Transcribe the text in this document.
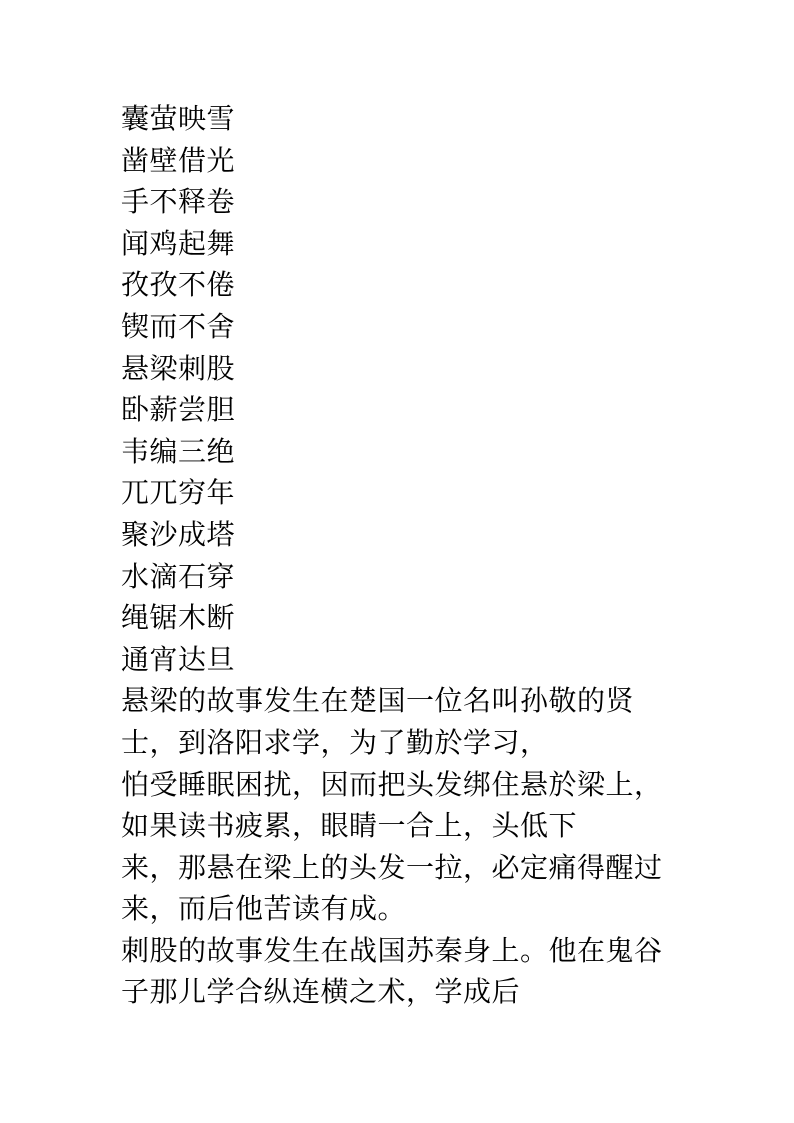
囊萤映雪
凿壁借光
手不释卷
闻鸡起舞
孜孜不倦
锲而不舍
悬梁刺股
卧薪尝胆
韦编三绝
兀兀穷年
聚沙成塔
水滴石穿
绳锯木断
通宵达旦
悬梁的故事发生在楚国一位名叫孙敬的贤
士，到洛阳求学，为了勤於学习，
怕受睡眠困扰，因而把头发绑住悬於梁上，
如果读书疲累，眼睛一合上，头低下
来，那悬在梁上的头发一拉，必定痛得醒过
来，而后他苦读有成。
刺股的故事发生在战国苏秦身上。他在鬼谷
子那儿学合纵连横之术，学成后
